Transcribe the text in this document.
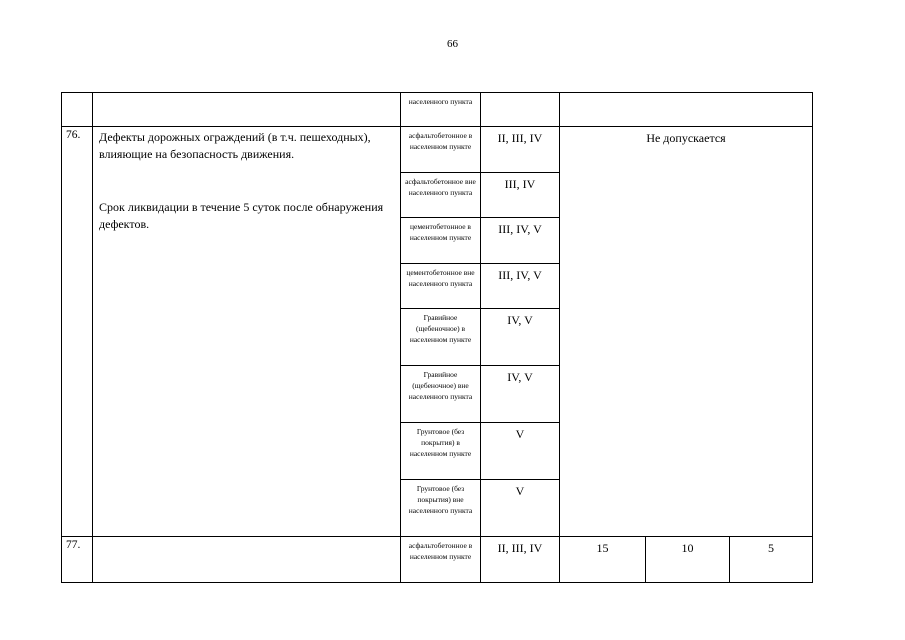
66
		населенного пункта				
76.	Дефекты дорожных ограждений (в т.ч. пешеходных), влияющие на безопасность движения.

Срок ликвидации в течение 5 суток после обнаружения дефектов.	асфальтобетонное в населенном пункте	II, III, IV	Не допускается		
		асфальтобетонное вне населенного пункта	III, IV			
		цементобетонное в населенном пункте	III, IV, V			
		цементобетонное вне населенного пункта	III, IV, V			
		Гравийное (щебеночное) в населенном пункте	IV, V			
		Гравийное (щебеночное) вне населенного пункта	IV, V			
		Грунтовое (без покрытия) в населенном пункте	V			
		Грунтовое (без покрытия) вне населенного пункта	V			
77.		асфальтобетонное в населенном пункте	II, III, IV	15	10	5
